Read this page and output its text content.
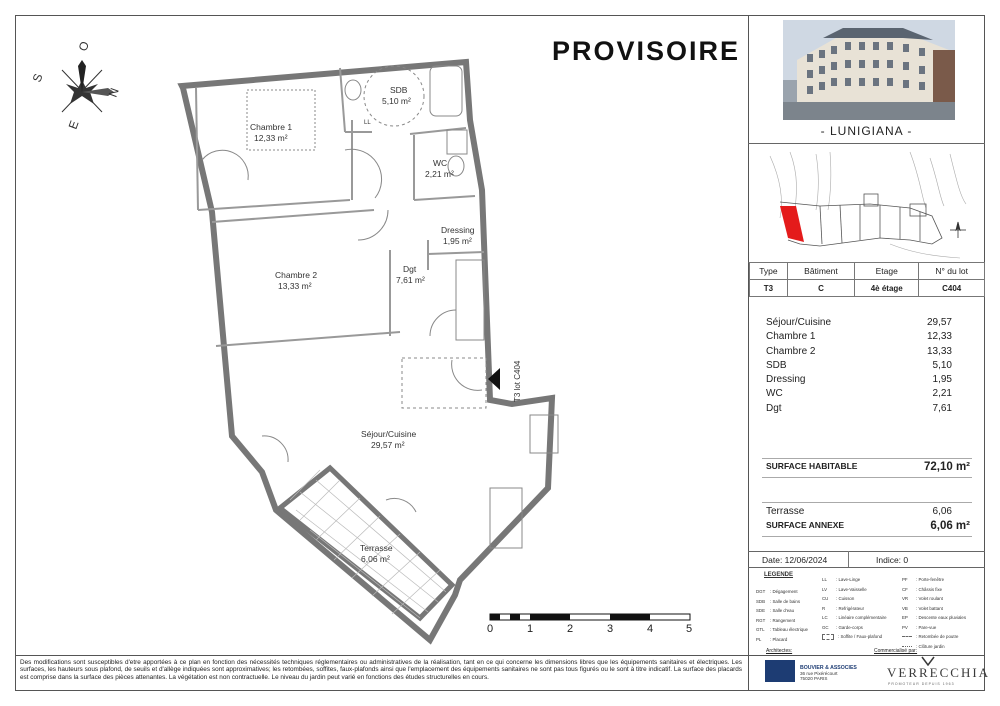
O
S
N
E
T3 lot C404
LL
Chambre 1
12,33 m²
SDB
5,10 m²
WC
2,21 m²
Dressing
1,95 m²
Chambre 2
13,33 m²
Dgt
7,61 m²
Séjour/Cuisine
29,57 m²
Terrasse
6,06 m²
PROVISOIRE
- LUNIGIANA -
Type	Bâtiment	Etage	N° du lot
T3	C	4è étage	C404
Séjour/Cuisine	29,57
Chambre 1	12,33
Chambre 2	13,33
SDB	5,10
Dressing	1,95
WC	2,21
Dgt	7,61
SURFACE HABITABLE	72,10 m²
Terrasse	6,06
SURFACE ANNEXE	6,06 m²
Date: 12/06/2024	Indice: 0
LEGENDE
DGT : Dégagement
SDB : Salle de bains
SDE : Salle d'eau
RGT : Rangement
GTL : Tableau électrique
PL : Placard
LL : Lave-Linge
LV : Lave-Vaisselle
CU : Cuisson
R : Refrigérateur
LC : Linéaire complémentaire
GC : Garde-corps
: Soffite / Faux-plafond
PF : Porte-fenêtre
CF : Châssis fixe
VR : Volet roulant
VB : Volet battant
EP : Descente eaux pluviales
PV : Pare-vue
: Retombée de poutre
: Clôture jardin
0	1	2	3	4	5
Des modifications sont susceptibles d'etre apportées à ce plan en fonction des nécessités techniques réglementaires ou administratives de la réalisation, tant en ce qui concerne les dimensions libres que les équipements sanitaires et électriques. Les surfaces, les hauteurs sous plafond, de seuils et d'allège indiquées sont approximatives; les retombées, soffites, faux-plafonds ainsi que l'emplacement des équipements sanitaires ne sont pas tous figurés ou le sont à titre indicatif. La surface des placards est comprise dans la surface des pièces attenantes. La végétation est non contractuelle. Le niveau du jardin peut varié en fonctions des études structurelles en cours.
Architectes:
BOUVIER & ASSOCIES
36 rue Pixérécourt
75020 PARIS
Commercialisé par:
VERRECCHIA
PROMOTEUR DEPUIS 1963
